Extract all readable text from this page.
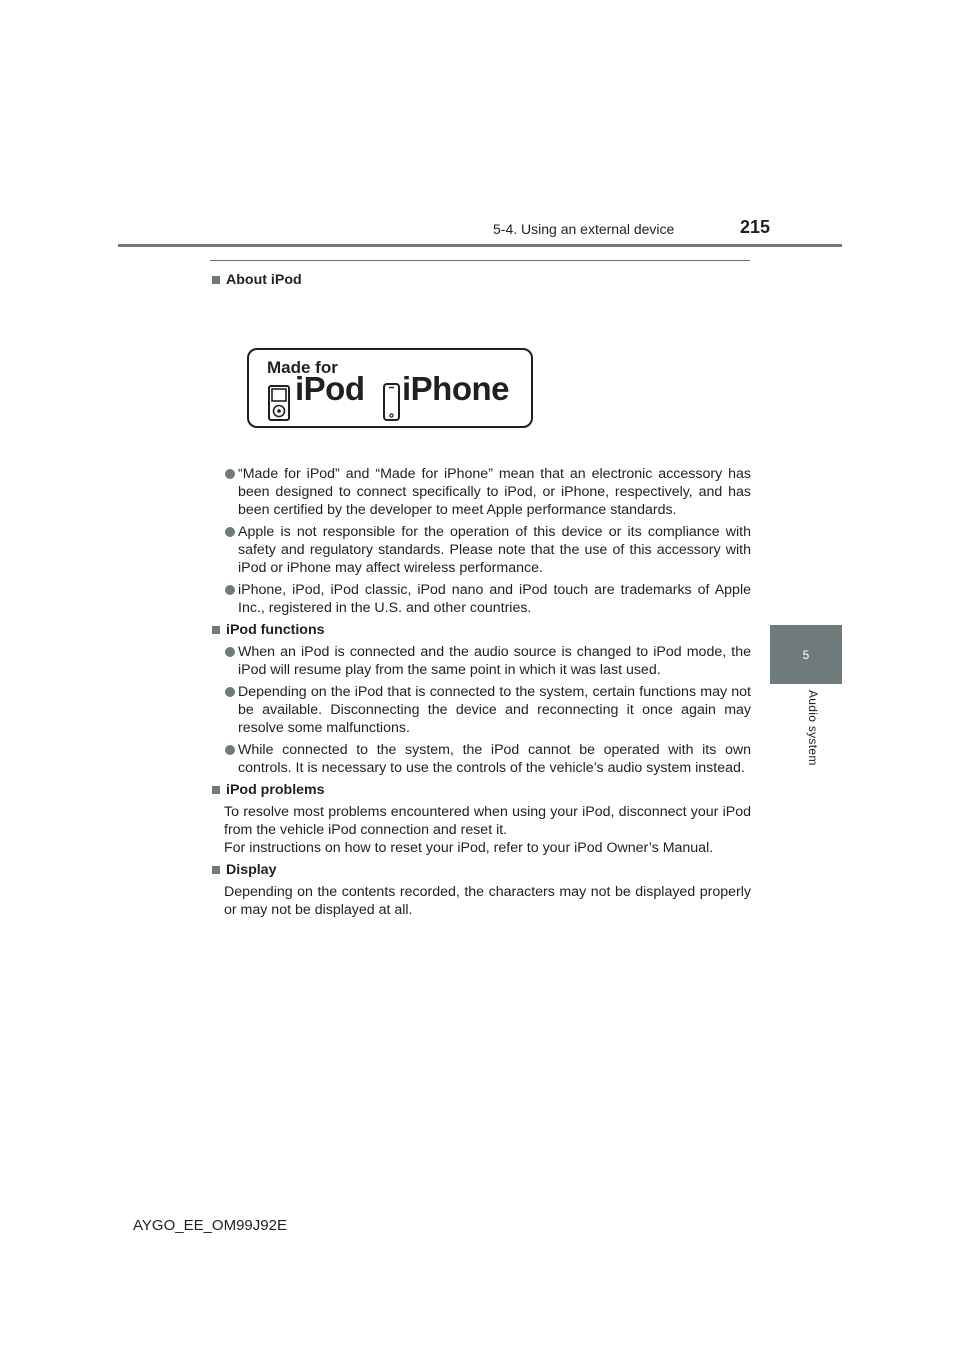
5-4. Using an external device	215
5
Audio system
About iPod
Made for
iPod iPhone
“Made for iPod” and “Made for iPhone” mean that an electronic accessory has been designed to connect specifically to iPod, or iPhone, respectively, and has been certified by the developer to meet Apple performance standards.
Apple is not responsible for the operation of this device or its compliance with safety and regulatory standards. Please note that the use of this accessory with iPod or iPhone may affect wireless performance.
iPhone, iPod, iPod classic, iPod nano and iPod touch are trademarks of Apple Inc., registered in the U.S. and other countries.
iPod functions
When an iPod is connected and the audio source is changed to iPod mode, the iPod will resume play from the same point in which it was last used.
Depending on the iPod that is connected to the system, certain functions may not be available. Disconnecting the device and reconnecting it once again may resolve some malfunctions.
While connected to the system, the iPod cannot be operated with its own controls. It is necessary to use the controls of the vehicle’s audio system instead.
iPod problems
To resolve most problems encountered when using your iPod, disconnect your iPod from the vehicle iPod connection and reset it.
For instructions on how to reset your iPod, refer to your iPod Owner’s Manual.
Display
Depending on the contents recorded, the characters may not be displayed properly or may not be displayed at all.
AYGO_EE_OM99J92E
